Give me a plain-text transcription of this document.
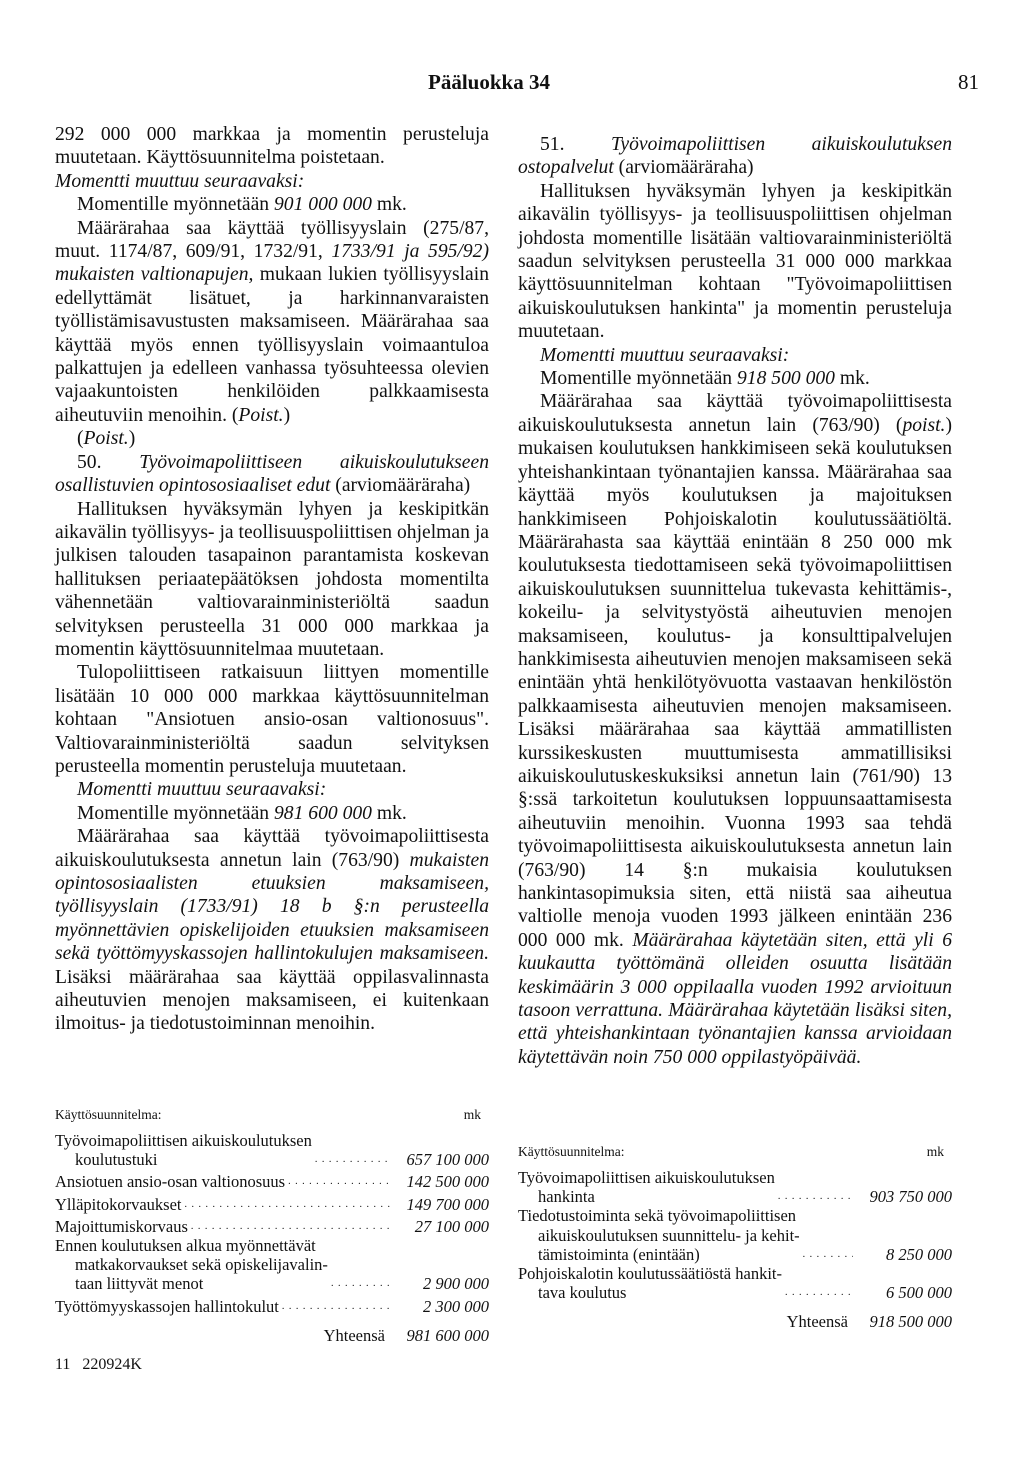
Pääluokka 34	81

292 000 000 markkaa ja momentin perusteluja muutetaan. Käyttösuunnitelma poistetaan.

Momentti muuttuu seuraavaksi:

Momentille myönnetään 901 000 000 mk.

Määrärahaa saa käyttää työllisyyslain (275/87, muut. 1174/87, 609/91, 1732/91, 1733/91 ja 595/92) mukaisten valtionapujen, mukaan lukien työllisyyslain edellyttämät lisätuet, ja harkinnanvaraisten työllistämisavustusten maksamiseen. Määrärahaa saa käyttää myös ennen työllisyyslain voimaantuloa palkattujen ja edelleen vanhassa työsuhteessa olevien vajaakuntoisten henkilöiden palkkaamisesta aiheutuviin menoihin. (Poist.)

(Poist.)

50. Työvoimapoliittiseen aikuiskoulutukseen osallistuvien opintososiaaliset edut (arviomääräraha)

Hallituksen hyväksymän lyhyen ja keskipitkän aikavälin työllisyys- ja teollisuuspoliittisen ohjelman ja julkisen talouden tasapainon parantamista koskevan hallituksen periaatepäätöksen johdosta momentilta vähennetään valtiovarainministeriöltä saadun selvityksen perusteella 31 000 000 markkaa ja momentin käyttösuunnitelmaa muutetaan.

Tulopoliittiseen ratkaisuun liittyen momentille lisätään 10 000 000 markkaa käyttösuunnitelman kohtaan "Ansiotuen ansio-osan valtionosuus". Valtiovarainministeriöltä saadun selvityksen perusteella momentin perusteluja muutetaan.

Momentti muuttuu seuraavaksi:

Momentille myönnetään 981 600 000 mk.

Määrärahaa saa käyttää työvoimapoliittisesta aikuiskoulutuksesta annetun lain (763/90) mukaisten opintososiaalisten etuuksien maksamiseen, työllisyyslain (1733/91) 18 b §:n perusteella myönnettävien opiskelijoiden etuuksien maksamiseen sekä työttömyyskassojen hallintokulujen maksamiseen. Lisäksi määrärahaa saa käyttää oppilasvalinnasta aiheutuvien menojen maksamiseen, ei kuitenkaan ilmoitus- ja tiedotustoiminnan menoihin.

51. Työvoimapoliittisen aikuiskoulutuksen ostopalvelut (arviomääräraha)

Hallituksen hyväksymän lyhyen ja keskipitkän aikavälin työllisyys- ja teollisuuspoliittisen ohjelman johdosta momentille lisätään valtiovarainministeriöltä saadun selvityksen perusteella 31 000 000 markkaa käyttösuunnitelman kohtaan "Työvoimapoliittisen aikuiskoulutuksen hankinta" ja momentin perusteluja muutetaan.

Momentti muuttuu seuraavaksi:

Momentille myönnetään 918 500 000 mk.

Määrärahaa saa käyttää työvoimapoliittisesta aikuiskoulutuksesta annetun lain (763/90) (poist.) mukaisen koulutuksen hankkimiseen sekä koulutuksen yhteishankintaan työnantajien kanssa. Määrärahaa saa käyttää myös koulutuksen ja majoituksen hankkimiseen Pohjoiskalotin koulutussäätiöltä. Määrärahasta saa käyttää enintään 8 250 000 mk koulutuksesta tiedottamiseen sekä työvoimapoliittisen aikuiskoulutuksen suunnittelua tukevasta kehittämis-, kokeilu- ja selvitystyöstä aiheutuvien menojen maksamiseen, koulutus- ja konsulttipalvelujen hankkimisesta aiheutuvien menojen maksamiseen sekä enintään yhtä henkilötyövuotta vastaavan henkilöstön palkkaamisesta aiheutuvien menojen maksamiseen. Lisäksi määrärahaa saa käyttää ammatillisten kurssikeskusten muuttumisesta ammatillisiksi aikuiskoulutuskeskuksiksi annetun lain (761/90) 13 §:ssä tarkoitetun koulutuksen loppuunsaattamisesta aiheutuviin menoihin. Vuonna 1993 saa tehdä työvoimapoliittisesta aikuiskoulutuksesta annetun lain (763/90) 14 §:n mukaisia koulutuksen hankintasopimuksia siten, että niistä saa aiheutua valtiolle menoja vuoden 1993 jälkeen enintään 236 000 000 mk. Määrärahaa käytetään siten, että yli 6 kuukautta työttömänä olleiden osuutta lisätään keskimäärin 3 000 oppilaalla vuoden 1992 arvioituun tasoon verrattuna. Määrärahaa käytetään lisäksi siten, että yhteishankintaan työnantajien kanssa arvioidaan käytettävän noin 750 000 oppilastyöpäivää.

Käyttösuunnitelma:	mk
Työvoimapoliittisen aikuiskoulutuksen
koulutustuki . . .	657 100 000
Ansiotuen ansio-osan valtionosuus . . .	142 500 000
Ylläpitokorvaukset . . .	149 700 000
Majoittumiskorvaus . . .	27 100 000
Ennen koulutuksen alkua myönnettävät
matkakorvaukset sekä opiskelijavalin-
taan liittyvät menot . . .	2 900 000
Työttömyyskassojen hallintokulut . . .	2 300 000
Yhteensä	981 600 000
Käyttösuunnitelma:	mk
Työvoimapoliittisen aikuiskoulutuksen
hankinta . . .	903 750 000
Tiedotustoiminta sekä työvoimapoliittisen
aikuiskoulutuksen suunnittelu- ja kehit-
tämistoiminta (enintään) . . .	8 250 000
Pohjoiskalotin koulutussäätiöstä hankit-
tava koulutus . . .	6 500 000
Yhteensä	918 500 000
11   220924K
